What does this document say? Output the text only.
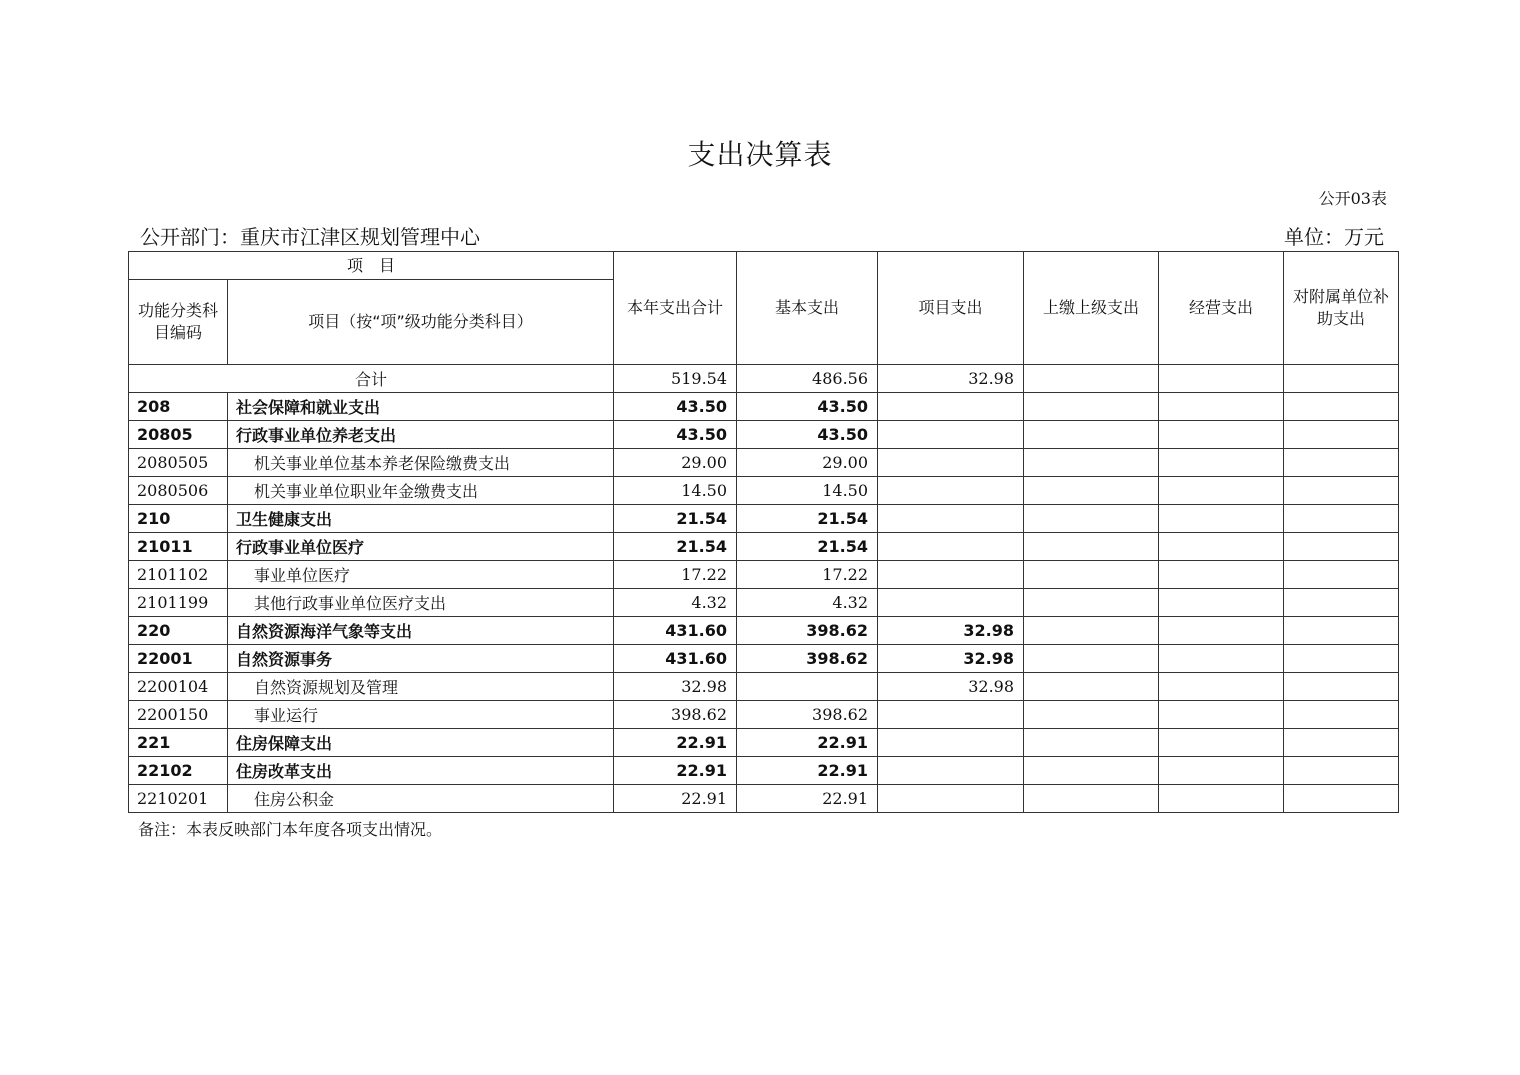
支出决算表
公开03表
公开部门：重庆市江津区规划管理中心	单位：万元
项　目		本年支出合计	基本支出	项目支出	上缴上级支出	经营支出	对附属单位补助支出
功能分类科目编码	项目（按“项”级功能分类科目）						
合计		519.54	486.56	32.98			
208	社会保障和就业支出	43.50	43.50				
20805	行政事业单位养老支出	43.50	43.50				
2080505	机关事业单位基本养老保险缴费支出	29.00	29.00				
2080506	机关事业单位职业年金缴费支出	14.50	14.50				
210	卫生健康支出	21.54	21.54				
21011	行政事业单位医疗	21.54	21.54				
2101102	事业单位医疗	17.22	17.22				
2101199	其他行政事业单位医疗支出	4.32	4.32				
220	自然资源海洋气象等支出	431.60	398.62	32.98			
22001	自然资源事务	431.60	398.62	32.98			
2200104	自然资源规划及管理	32.98		32.98			
2200150	事业运行	398.62	398.62				
221	住房保障支出	22.91	22.91				
22102	住房改革支出	22.91	22.91				
2210201	住房公积金	22.91	22.91				
备注：本表反映部门本年度各项支出情况。
